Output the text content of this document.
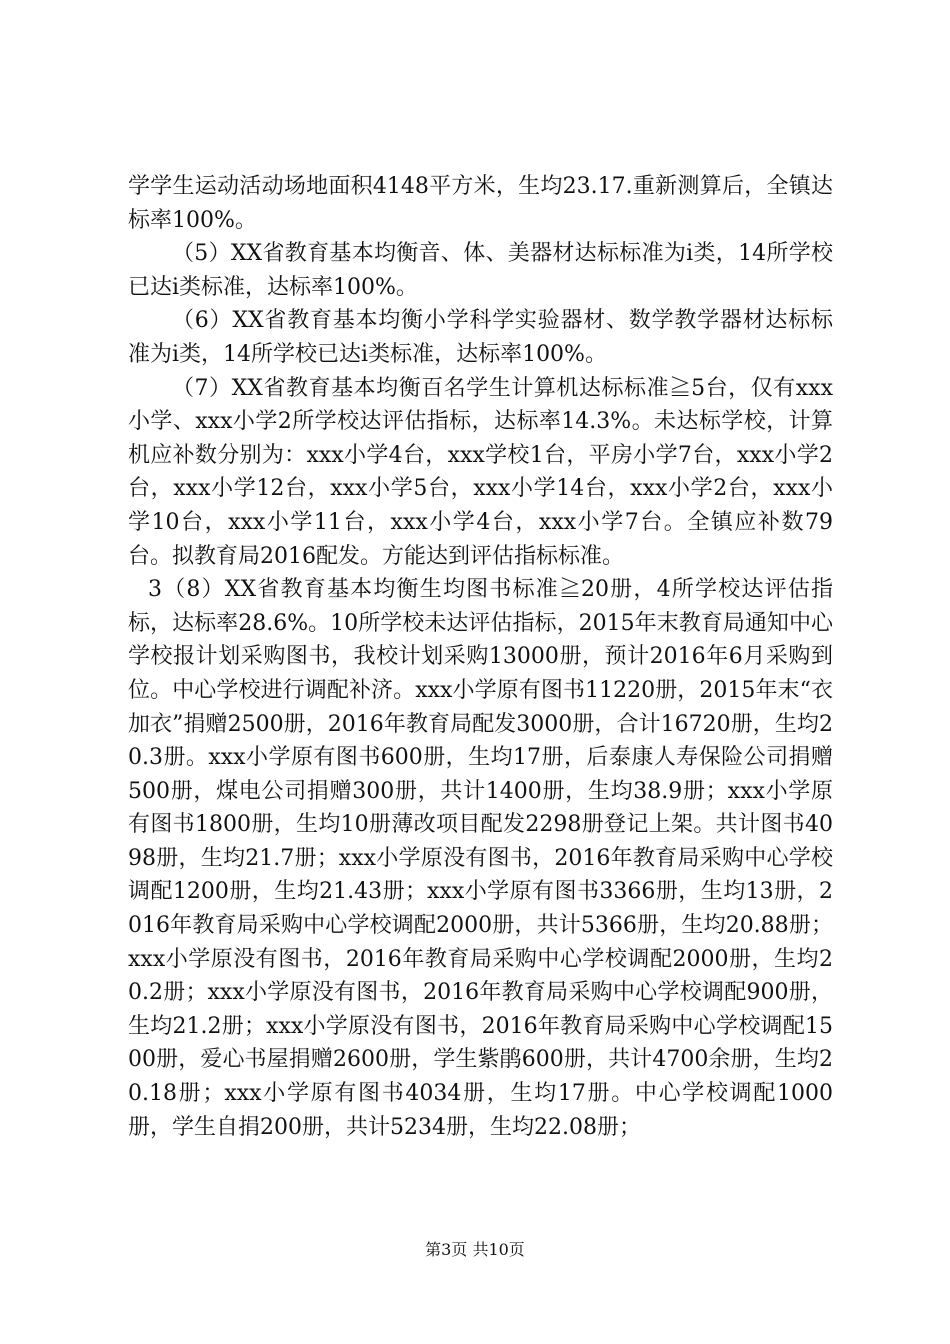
学学生运动活动场地面积4148平方米，生均23.17.重新测算后，全镇达标率100%。

（5）XX省教育基本均衡音、体、美器材达标标准为ⅰ类，14所学校已达ⅰ类标准，达标率100%。

（6）XX省教育基本均衡小学科学实验器材、数学教学器材达标标准为ⅰ类，14所学校已达ⅰ类标准，达标率100%。

（7）XX省教育基本均衡百名学生计算机达标标准≧5台，仅有xxx小学、xxx小学2所学校达评估指标，达标率14.3%。未达标学校，计算机应补数分别为：xxx小学4台，xxx学校1台，平房小学7台，xxx小学2台，xxx小学12台，xxx小学5台，xxx小学14台，xxx小学2台，xxx小学10台，xxx小学11台，xxx小学4台，xxx小学7台。全镇应补数79台。拟教育局2016配发。方能达到评估指标标准。

3（8）XX省教育基本均衡生均图书标准≧20册，4所学校达评估指标，达标率28.6%。10所学校未达评估指标，2015年末教育局通知中心学校报计划采购图书，我校计划采购13000册，预计2016年6月采购到位。中心学校进行调配补济。xxx小学原有图书11220册，2015年末“衣加衣”捐赠2500册，2016年教育局配发3000册，合计16720册，生均20.3册。xxx小学原有图书600册，生均17册，后泰康人寿保险公司捐赠500册，煤电公司捐赠300册，共计1400册，生均38.9册；xxx小学原有图书1800册，生均10册薄改项目配发2298册登记上架。共计图书4098册，生均21.7册；xxx小学原没有图书，2016年教育局采购中心学校调配1200册，生均21.43册；xxx小学原有图书3366册，生均13册，2016年教育局采购中心学校调配2000册，共计5366册，生均20.88册；xxx小学原没有图书，2016年教育局采购中心学校调配2000册，生均20.2册；xxx小学原没有图书，2016年教育局采购中心学校调配900册，生均21.2册；xxx小学原没有图书，2016年教育局采购中心学校调配1500册，爱心书屋捐赠2600册，学生紫鹃600册，共计4700余册，生均20.18册；xxx小学原有图书4034册，生均17册。中心学校调配1000册，学生自捐200册，共计5234册，生均22.08册；

第3页 共10页
